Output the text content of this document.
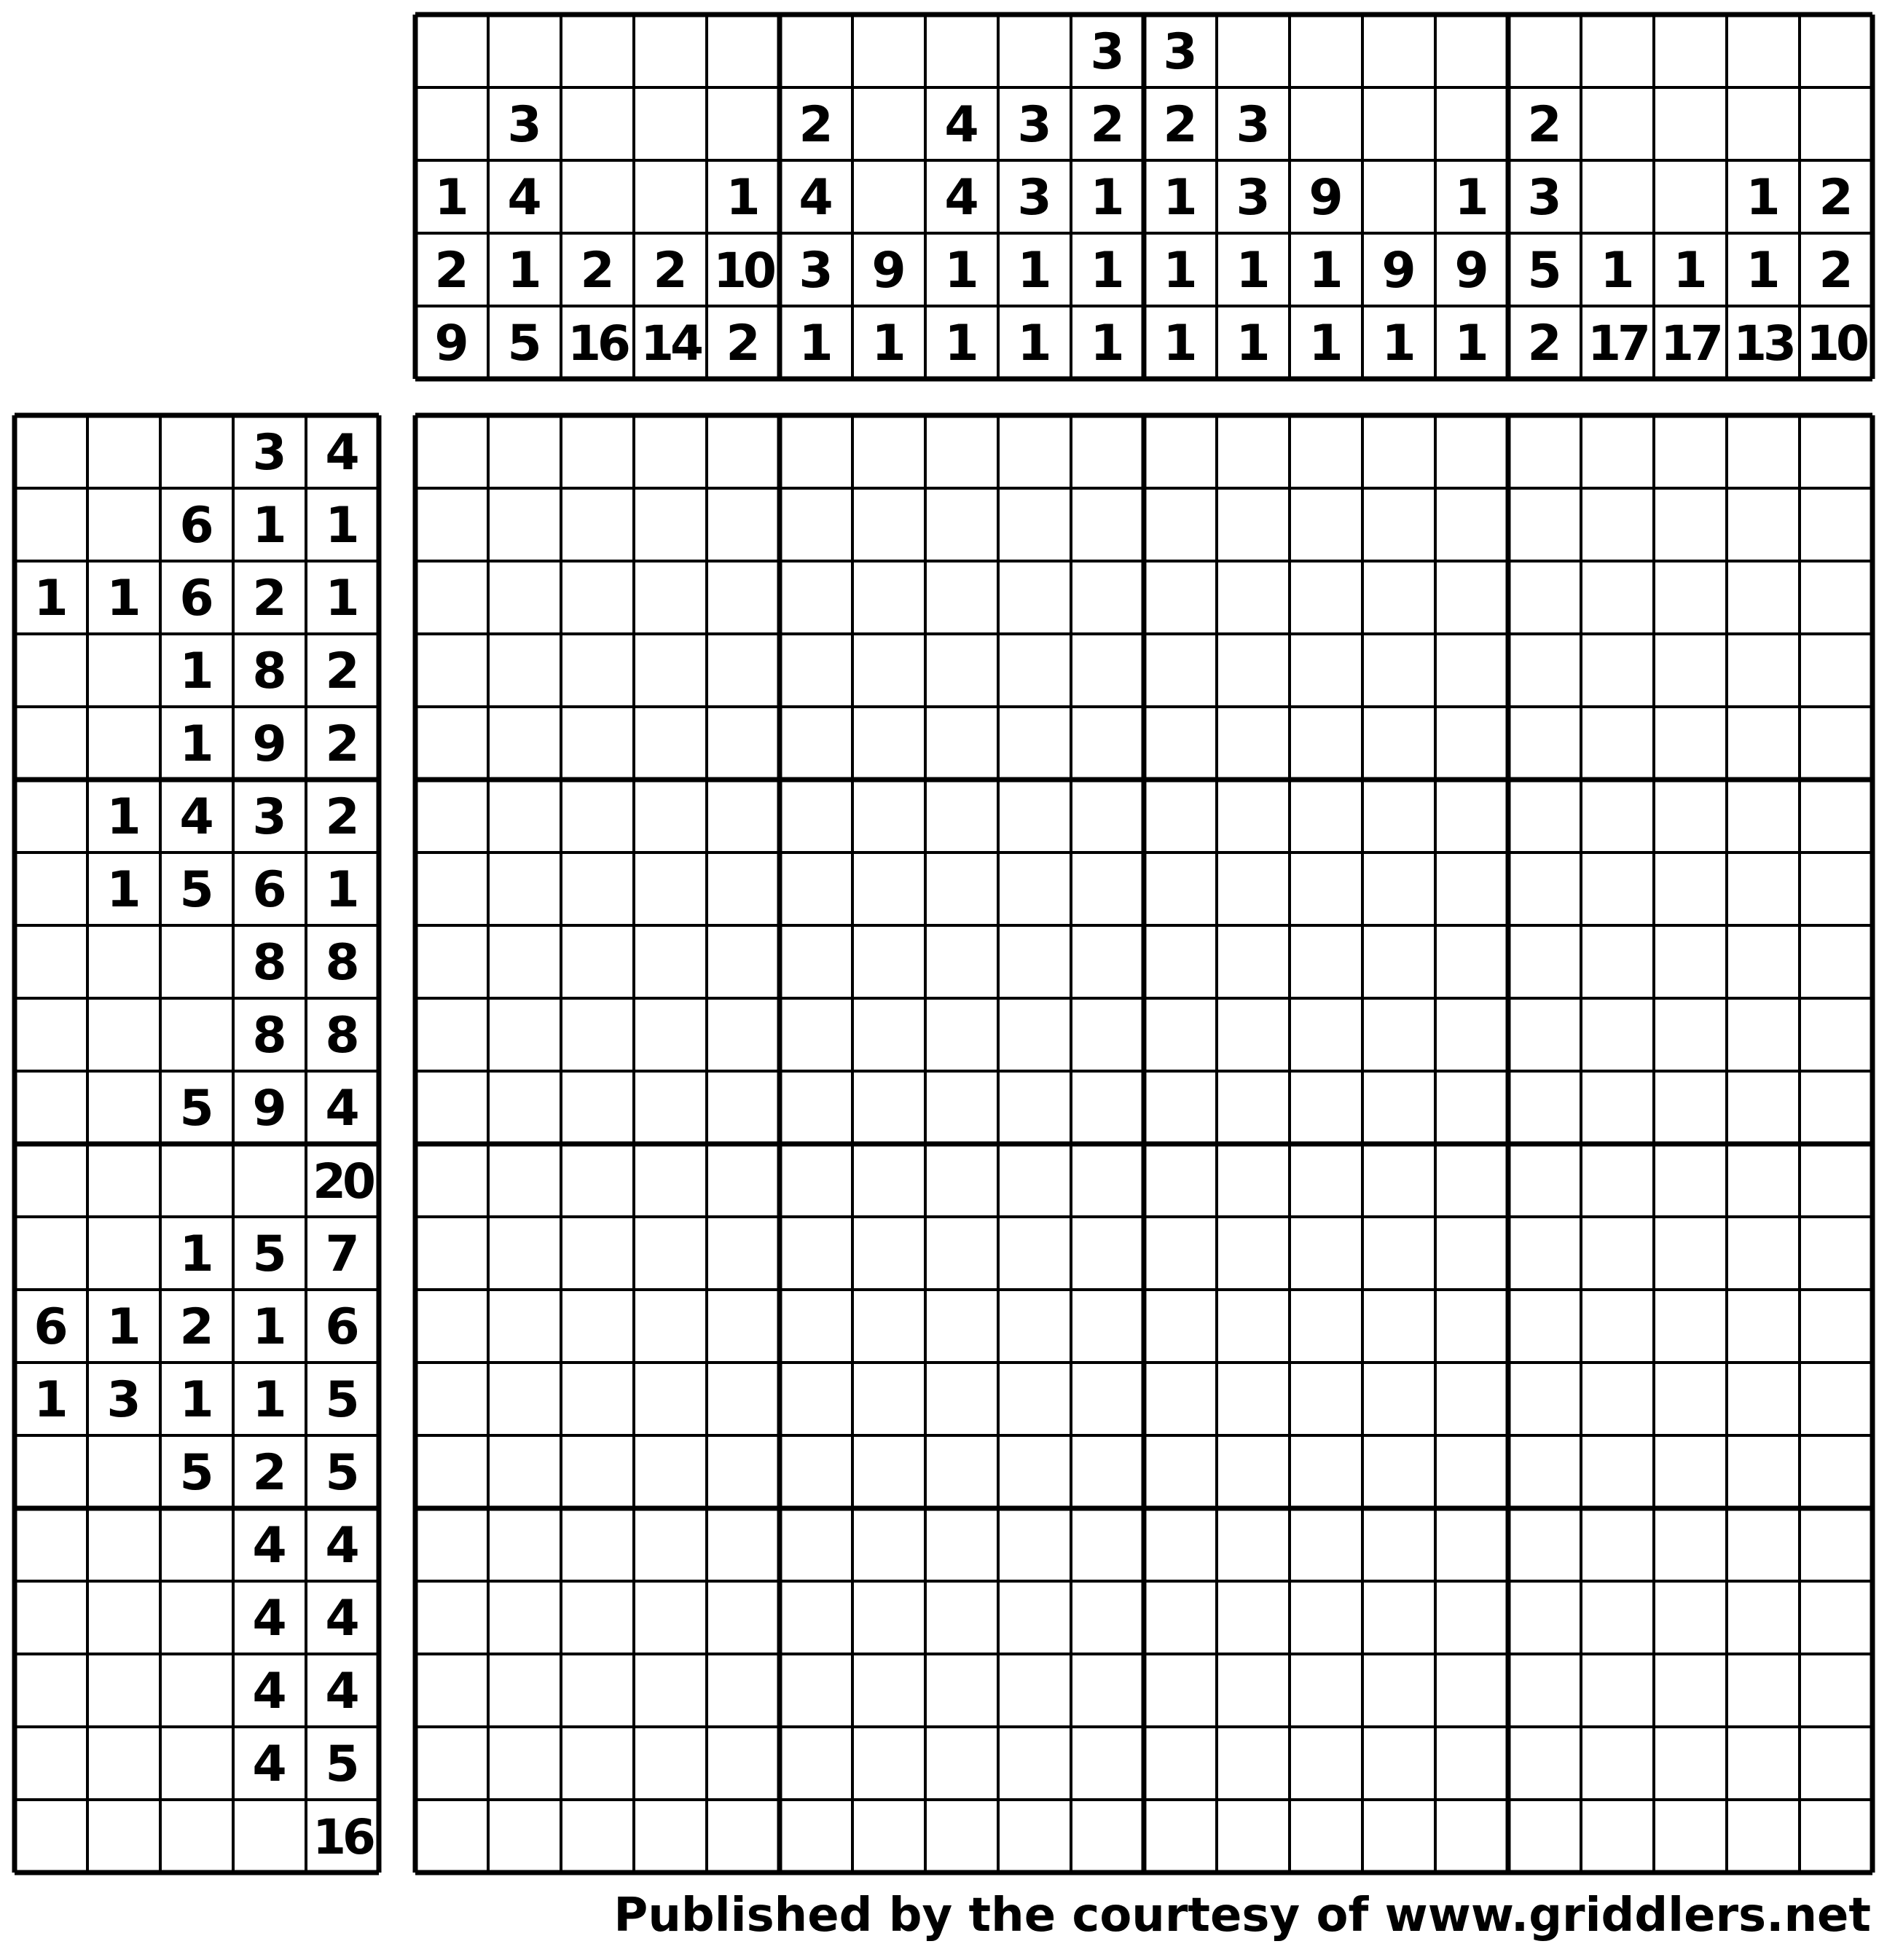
1
2
9
3
4
1
5
2
16
2
14
1
10
2
2
4
3
1
9
1
4
4
1
1
3
3
1
1
3
2
1
1
1
3
2
1
1
1
3
3
1
1
9
1
1
9
1
1
9
1
2
3
5
2
1
17
1
17
1
1
13
2
2
10
3 4
6 1 1
1 1 6 2 1
1 8 2
1 9 2
1 4 3 2
1 5 6 1
8 8
8 8
5 9 4
20
1 5 7
6 1 2 1 6
1 3 1 1 5
5 2 5
4 4
4 4
4 4
4 5
16
Published by the courtesy of www.griddlers.net
